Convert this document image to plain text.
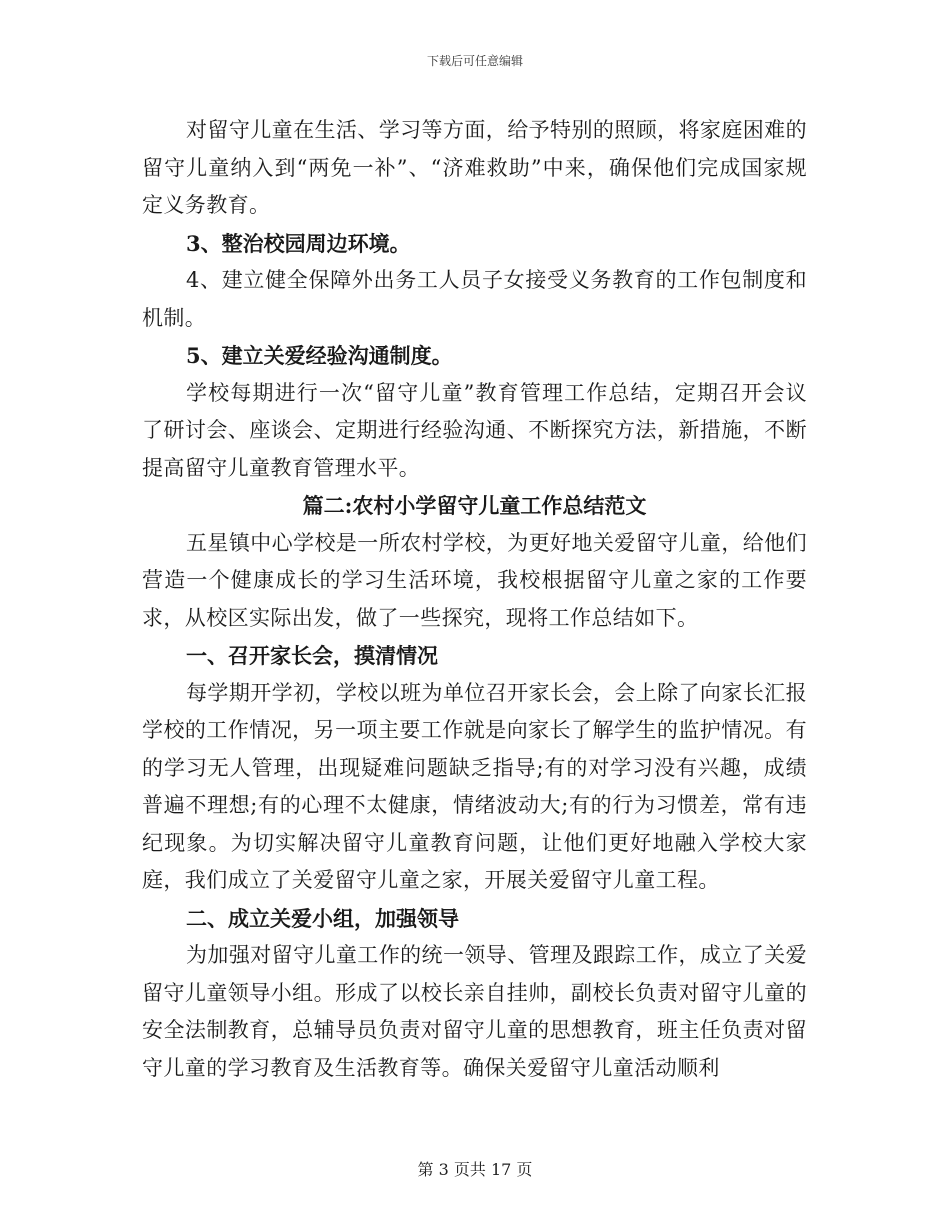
下载后可任意编辑

对留守儿童在生活、学习等方面，给予特别的照顾，将家庭困难的留守儿童纳入到“两免一补”、“济难救助”中来，确保他们完成国家规定义务教育。

3、整治校园周边环境。

4、建立健全保障外出务工人员子女接受义务教育的工作包制度和机制。

5、建立关爱经验沟通制度。

学校每期进行一次“留守儿童”教育管理工作总结，定期召开会议了研讨会、座谈会、定期进行经验沟通、不断探究方法，新措施，不断提高留守儿童教育管理水平。

篇二:农村小学留守儿童工作总结范文

五星镇中心学校是一所农村学校，为更好地关爱留守儿童，给他们营造一个健康成长的学习生活环境，我校根据留守儿童之家的工作要求，从校区实际出发，做了一些探究，现将工作总结如下。

一、召开家长会，摸清情况

每学期开学初，学校以班为单位召开家长会，会上除了向家长汇报学校的工作情况，另一项主要工作就是向家长了解学生的监护情况。有的学习无人管理，出现疑难问题缺乏指导;有的对学习没有兴趣，成绩普遍不理想;有的心理不太健康，情绪波动大;有的行为习惯差，常有违纪现象。为切实解决留守儿童教育问题，让他们更好地融入学校大家庭，我们成立了关爱留守儿童之家，开展关爱留守儿童工程。

二、成立关爱小组，加强领导

为加强对留守儿童工作的统一领导、管理及跟踪工作，成立了关爱留守儿童领导小组。形成了以校长亲自挂帅，副校长负责对留守儿童的安全法制教育，总辅导员负责对留守儿童的思想教育，班主任负责对留守儿童的学习教育及生活教育等。确保关爱留守儿童活动顺利

第 3 页共 17 页
